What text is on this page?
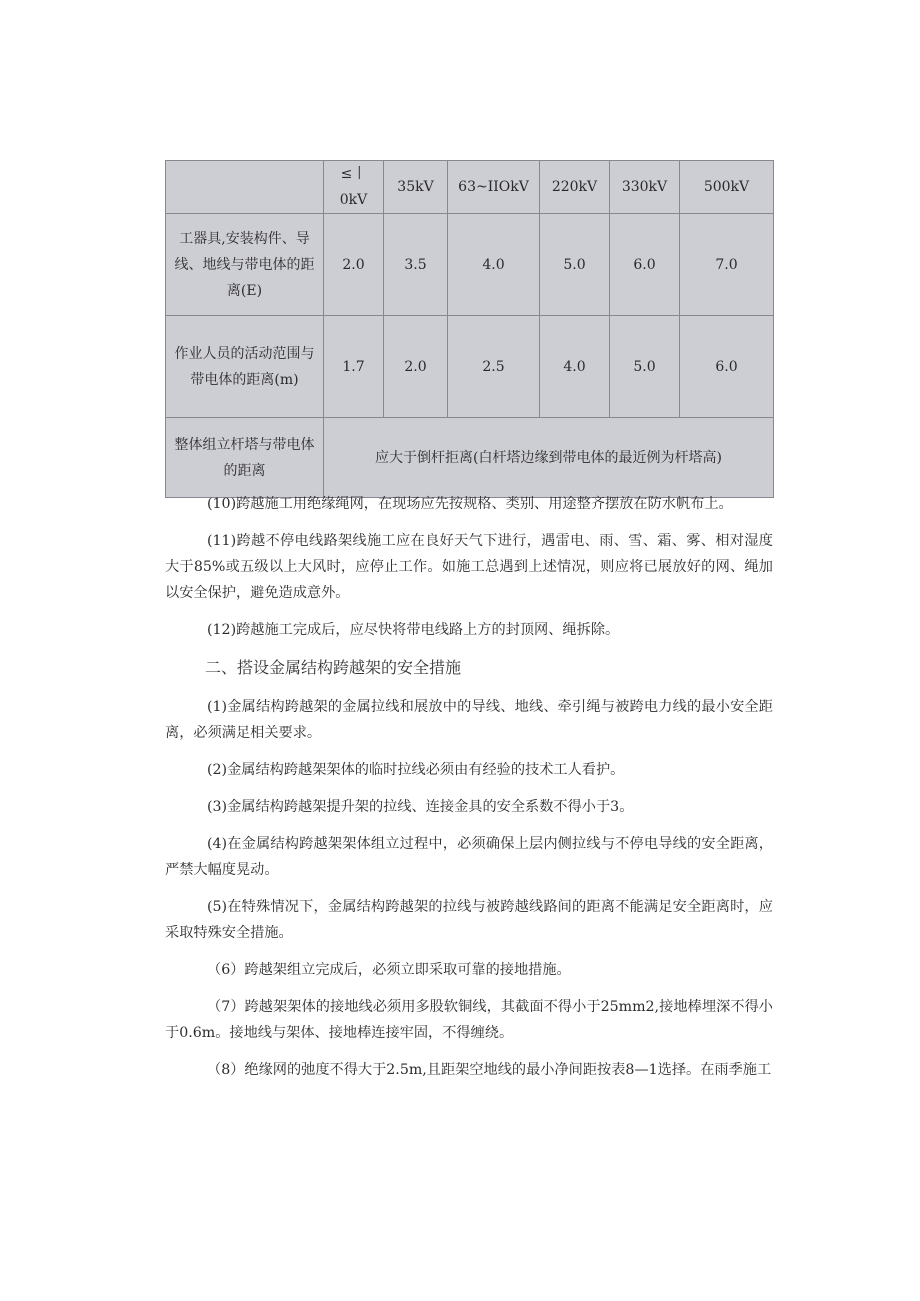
	≤丨0kV	35kV	63~IIOkV	220kV	330kV	500kV
工器具,安装构件、导线、地线与带电体的距离(E)	2.0	3.5	4.0	5.0	6.0	7.0
作业人员的活动范围与带电体的距离(m)	1.7	2.0	2.5	4.0	5.0	6.0
整体组立杆塔与带电体的距离	应大于倒杆拒离(白杆塔边缘到带电体的最近例为杆塔高)					

(10)跨越施工用绝缘绳网，在现场应先按规格、类别、用途整齐摆放在防水帆布上。

(11)跨越不停电线路架线施工应在良好天气下进行，遇雷电、雨、雪、霜、雾、相对湿度大于85%或五级以上大风时，应停止工作。如施工总遇到上述情况，则应将已展放好的网、绳加以安全保护，避免造成意外。

(12)跨越施工完成后，应尽快将带电线路上方的封顶网、绳拆除。

二、搭设金属结构跨越架的安全措施

(1)金属结构跨越架的金属拉线和展放中的导线、地线、牵引绳与被跨电力线的最小安全距离，必须满足相关要求。

(2)金属结构跨越架架体的临时拉线必须由有经验的技术工人看护。

(3)金属结构跨越架提升架的拉线、连接金具的安全系数不得小于3。

(4)在金属结构跨越架架体组立过程中，必须确保上层内侧拉线与不停电导线的安全距离，严禁大幅度晃动。

(5)在特殊情况下，金属结构跨越架的拉线与被跨越线路间的距离不能满足安全距离时，应采取特殊安全措施。

（6）跨越架组立完成后，必须立即采取可靠的接地措施。

（7）跨越架架体的接地线必须用多股软铜线，其截面不得小于25mm2,接地棒埋深不得小于0.6m。接地线与架体、接地棒连接牢固，不得缠绕。

（8）绝缘网的弛度不得大于2.5m,且距架空地线的最小净间距按表8—1选择。在雨季施工
